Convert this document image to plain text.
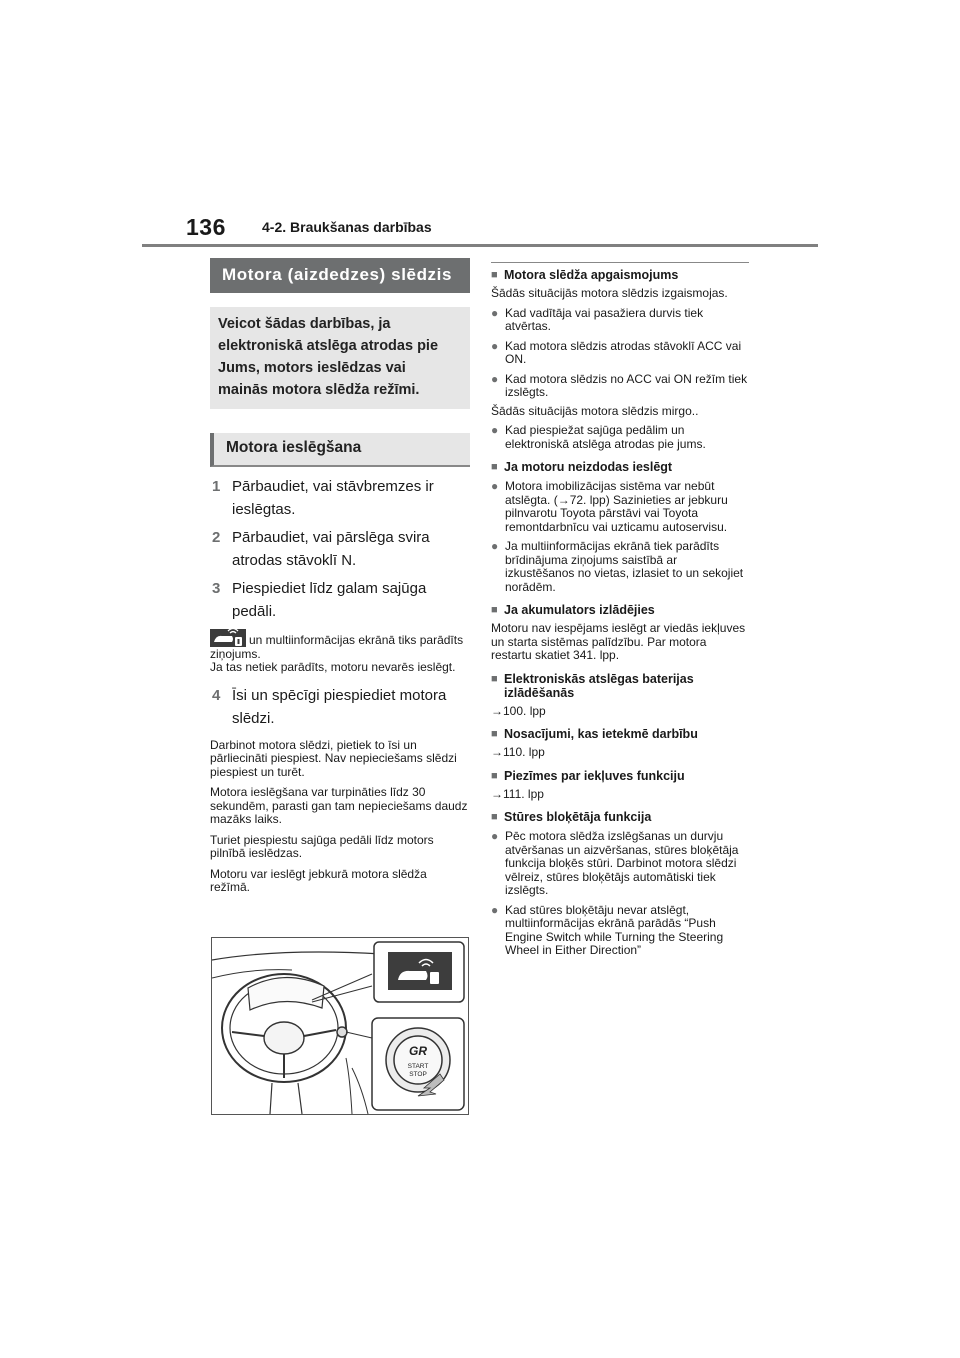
136	4-2. Braukšanas darbības
Motora (aizdedzes) slēdzis
Veicot šādas darbības, ja elektroniskā atslēga atrodas pie Jums, motors ieslēdzas vai mainās motora slēdža režīmi.
Motora ieslēgšana
1 Pārbaudiet, vai stāvbremzes ir ieslēgtas.
2 Pārbaudiet, vai pārslēga svira atrodas stāvoklī N.
3 Piespiediet līdz galam sajūga pedāli.
un multiinformācijas ekrānā tiks parādīts ziņojums.
Ja tas netiek parādīts, motoru nevarēs ieslēgt.
4 Īsi un spēcīgi piespiediet motora slēdzi.
Darbinot motora slēdzi, pietiek to īsi un pārliecināti piespiest. Nav nepieciešams slēdzi piespiest un turēt.
Motora ieslēgšana var turpināties līdz 30 sekundēm, parasti gan tam nepieciešams daudz mazāks laiks.
Turiet piespiestu sajūga pedāli līdz motors pilnībā ieslēdzas.
Motoru var ieslēgt jebkurā motora slēdža režīmā.
GR
START
STOP
■ Motora slēdža apgaismojums
Šādās situācijās motora slēdzis izgaismojas.
● Kad vadītāja vai pasažiera durvis tiek atvērtas.
● Kad motora slēdzis atrodas stāvoklī ACC vai ON.
● Kad motora slēdzis no ACC vai ON režīm tiek izslēgts.
Šādās situācijās motora slēdzis mirgo..
● Kad piespiežat sajūga pedālim un elektroniskā atslēga atrodas pie jums.
■ Ja motoru neizdodas ieslēgt
● Motora imobilizācijas sistēma var nebūt atslēgta. (→72. lpp) Sazinieties ar jebkuru pilnvarotu Toyota pārstāvi vai Toyota remontdarbnīcu vai uzticamu autoservisu.
● Ja multiinformācijas ekrānā tiek parādīts brīdinājuma ziņojums saistībā ar izkustēšanos no vietas, izlasiet to un sekojiet norādēm.
■ Ja akumulators izlādējies
Motoru nav iespējams ieslēgt ar viedās iekļuves un starta sistēmas palīdzību. Par motora restartu skatiet 341. lpp.
■ Elektroniskās atslēgas baterijas izlādēšanās
→100. lpp
■ Nosacījumi, kas ietekmē darbību
→110. lpp
■ Piezīmes par iekļuves funkciju
→111. lpp
■ Stūres bloķētāja funkcija
● Pēc motora slēdža izslēgšanas un durvju atvēršanas un aizvēršanas, stūres bloķētāja funkcija bloķēs stūri. Darbinot motora slēdzi vēlreiz, stūres bloķētājs automātiski tiek izslēgts.
● Kad stūres bloķētāju nevar atslēgt, multiinformācijas ekrānā parādās “Push Engine Switch while Turning the Steering Wheel in Either Direction”
